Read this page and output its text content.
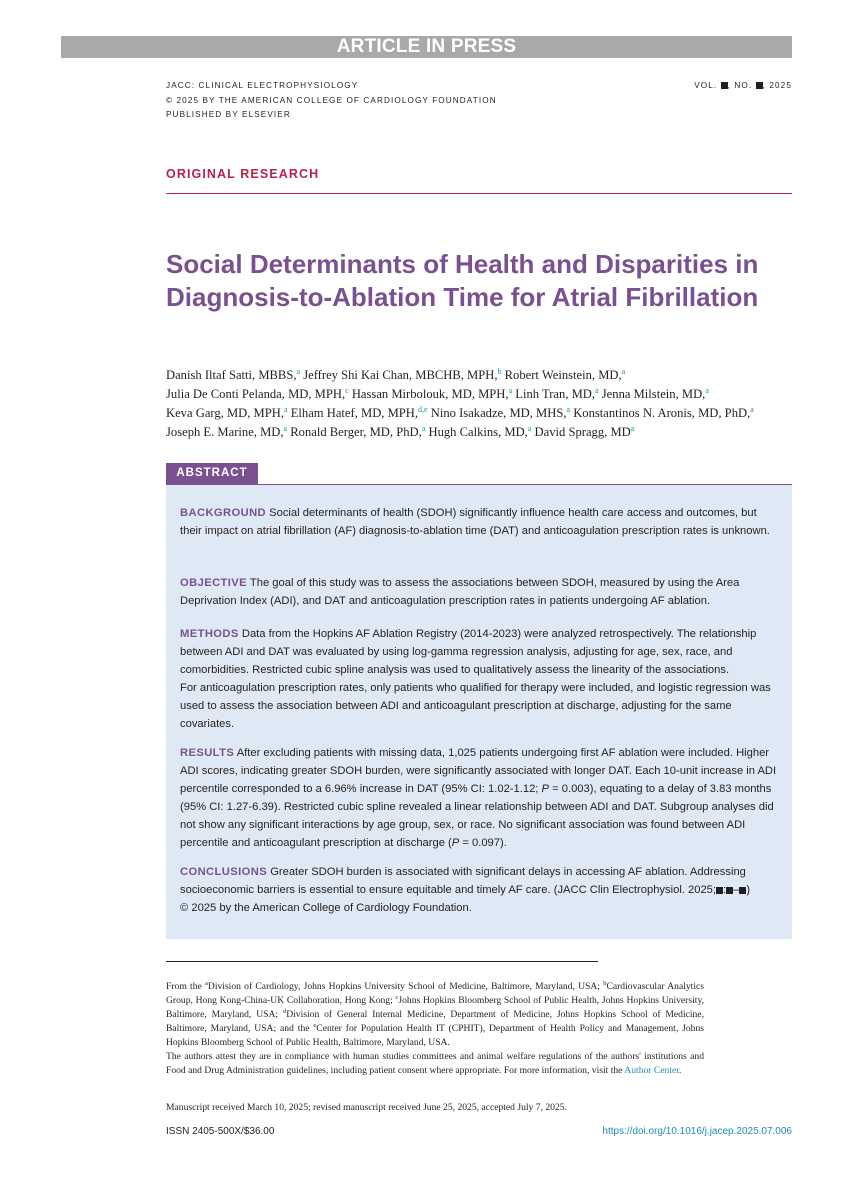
ARTICLE IN PRESS
JACC: CLINICAL ELECTROPHYSIOLOGY
© 2025 BY THE AMERICAN COLLEGE OF CARDIOLOGY FOUNDATION
PUBLISHED BY ELSEVIER
VOL. , NO. , 2025
ORIGINAL RESEARCH
Social Determinants of Health and Disparities in Diagnosis-to-Ablation Time for Atrial Fibrillation
Danish Iltaf Satti, MBBS,$^a$ Jeffrey Shi Kai Chan, MBCHB, MPH,$^b$ Robert Weinstein, MD,$^a$
Julia De Conti Pelanda, MD, MPH,$^c$ Hassan Mirbolouk, MD, MPH,$^a$ Linh Tran, MD,$^a$ Jenna Milstein, MD,$^a$
Keva Garg, MD, MPH,$^a$ Elham Hatef, MD, MPH,$^{d,e}$ Nino Isakadze, MD, MHS,$^a$ Konstantinos N. Aronis, MD, PhD,$^a$
Joseph E. Marine, MD,$^a$ Ronald Berger, MD, PhD,$^a$ Hugh Calkins, MD,$^a$ David Spragg, $MD^a$
ABSTRACT

BACKGROUND Social determinants of health (SDOH) significantly influence health care access and outcomes, but their impact on atrial fibrillation (AF) diagnosis-to-ablation time (DAT) and anticoagulation prescription rates is unknown.

OBJECTIVE The goal of this study was to assess the associations between SDOH, measured by using the Area Deprivation Index (ADI), and DAT and anticoagulation prescription rates in patients undergoing AF ablation.

METHODS Data from the Hopkins AF Ablation Registry (2014-2023) were analyzed retrospectively. The relationship between ADI and DAT was evaluated by using log-gamma regression analysis, adjusting for age, sex, race, and comorbidities. Restricted cubic spline analysis was used to qualitatively assess the linearity of the associations.
For anticoagulation prescription rates, only patients who qualified for therapy were included, and logistic regression was used to assess the association between ADI and anticoagulant prescription at discharge, adjusting for the same covariates.

RESULTS After excluding patients with missing data, 1,025 patients undergoing first AF ablation were included. Higher ADI scores, indicating greater SDOH burden, were significantly associated with longer DAT. Each 10-unit increase in ADI percentile corresponded to a 6.96% increase in DAT (95% CI: 1.02-1.12; P = 0.003), equating to a delay of 3.83 months (95% CI: 1.27-6.39). Restricted cubic spline revealed a linear relationship between ADI and DAT. Subgroup analyses did not show any significant interactions by age group, sex, or race. No significant association was found between ADI percentile and anticoagulant prescription at discharge (P = 0.097).

CONCLUSIONS Greater SDOH burden is associated with significant delays in accessing AF ablation. Addressing socioeconomic barriers is essential to ensure equitable and timely AF care. (JACC Clin Electrophysiol. 2025; : – )
© 2025 by the American College of Cardiology Foundation.

From the $^a$Division of Cardiology, Johns Hopkins University School of Medicine, Baltimore, Maryland, USA; $^b$Cardiovascular Analytics Group, Hong Kong-China-UK Collaboration, Hong Kong; $^c$Johns Hopkins Bloomberg School of Public Health, Johns Hopkins University, Baltimore, Maryland, USA; $^d$Division of General Internal Medicine, Department of Medicine, Johns Hopkins School of Medicine, Baltimore, Maryland, USA; and the $^e$Center for Population Health IT (CPHIT), Department of Health Policy and Management, Johns Hopkins Bloomberg School of Public Health, Baltimore, Maryland, USA.

The authors attest they are in compliance with human studies committees and animal welfare regulations of the authors' institutions and Food and Drug Administration guidelines, including patient consent where appropriate. For more information, visit the Author Center.

Manuscript received March 10, 2025; revised manuscript received June 25, 2025, accepted July 7, 2025.

ISSN 2405-500X/$36.00	https://doi.org/10.1016/j.jacep.2025.07.006
